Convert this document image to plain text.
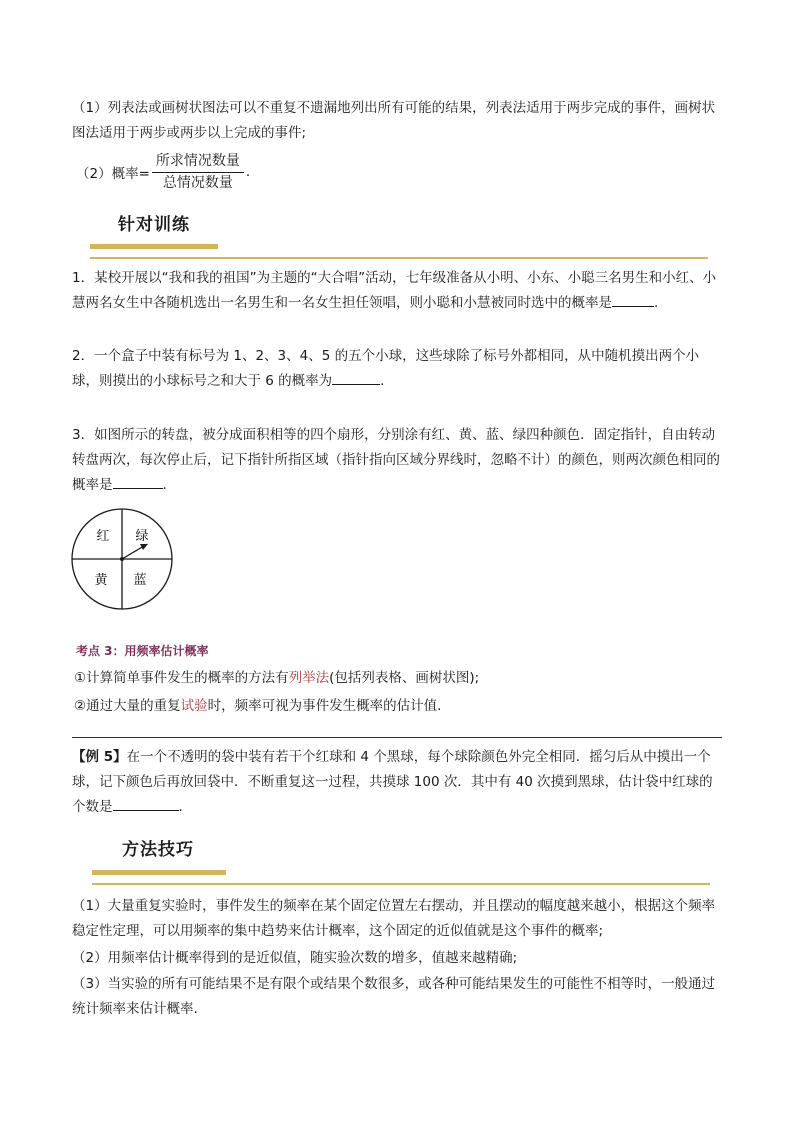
（1）列表法或画树状图法可以不重复不遗漏地列出所有可能的结果，列表法适用于两步完成的事件，画树状图法适用于两步或两步以上完成的事件;
（2）概率= $\frac{\text{所求情况数量}}{\text{总情况数量}}$ .
针对训练
1．某校开展以“我和我的祖国”为主题的“大合唱”活动，七年级准备从小明、小东、小聪三名男生和小红、小慧两名女生中各随机选出一名男生和一名女生担任领唱，则小聪和小慧被同时选中的概率是	.
2．一个盒子中装有标号为 1、2、3、4、5 的五个小球，这些球除了标号外都相同，从中随机摸出两个小球，则摸出的小球标号之和大于 6 的概率为	.
3．如图所示的转盘，被分成面积相等的四个扇形，分别涂有红、黄、蓝、绿四种颜色．固定指针，自由转动转盘两次，每次停止后，记下指针所指区域（指针指向区域分界线时，忽略不计）的颜色，则两次颜色相同的概率是	.
红 绿
黄 蓝
考点 3：用频率估计概率
①计算简单事件发生的概率的方法有列举法(包括列表格、画树状图);
②通过大量的重复试验时，频率可视为事件发生概率的估计值.
【例 5】在一个不透明的袋中装有若干个红球和 4 个黑球，每个球除颜色外完全相同．摇匀后从中摸出一个球，记下颜色后再放回袋中．不断重复这一过程，共摸球 100 次．其中有 40 次摸到黑球，估计袋中红球的个数是	.
方法技巧
（1）大量重复实验时，事件发生的频率在某个固定位置左右摆动，并且摆动的幅度越来越小，根据这个频率稳定性定理，可以用频率的集中趋势来估计概率，这个固定的近似值就是这个事件的概率;
（2）用频率估计概率得到的是近似值，随实验次数的增多，值越来越精确;
（3）当实验的所有可能结果不是有限个或结果个数很多，或各种可能结果发生的可能性不相等时，一般通过统计频率来估计概率.
